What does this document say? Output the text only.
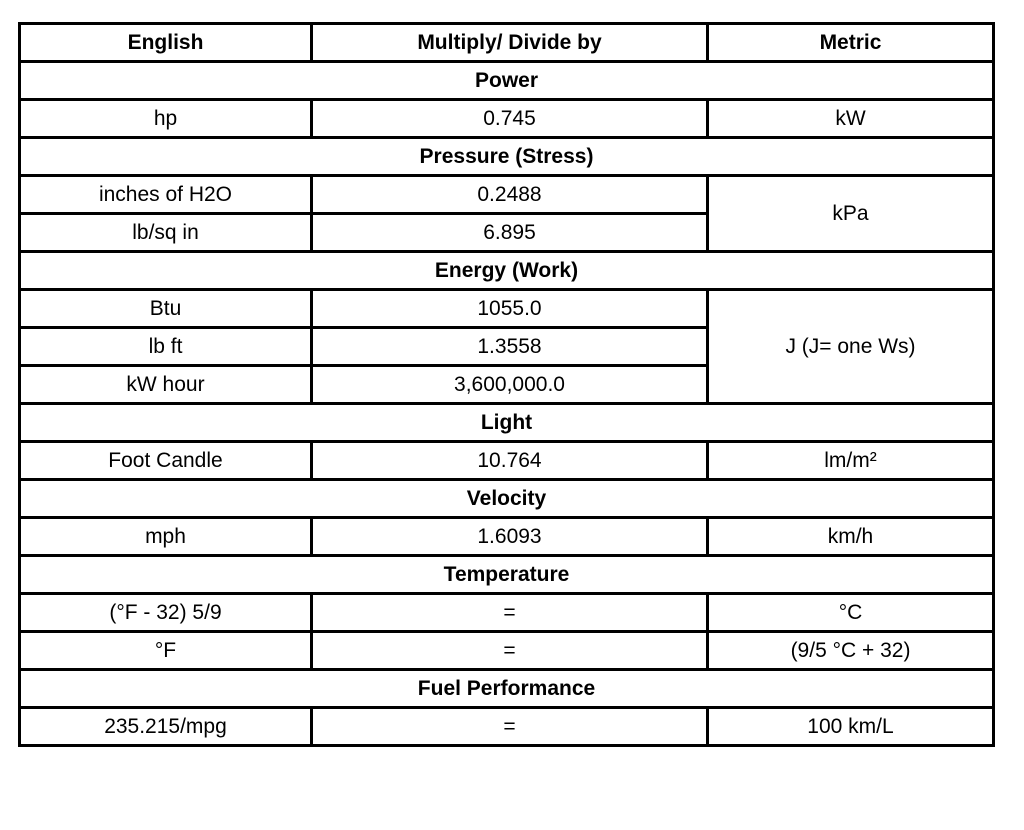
English	Multiply/ Divide by	Metric
Power		
hp	0.745	kW
Pressure (Stress)		
inches of H2O	0.2488	kPa
lb/sq in	6.895	
Energy (Work)		
Btu	1055.0	J (J= one Ws)
lb ft	1.3558	
kW hour	3,600,000.0	
Light		
Foot Candle	10.764	lm/m²
Velocity		
mph	1.6093	km/h
Temperature		
(°F - 32) 5/9	=	°C
°F	=	(9/5 °C + 32)
Fuel Performance		
235.215/mpg	=	100 km/L
